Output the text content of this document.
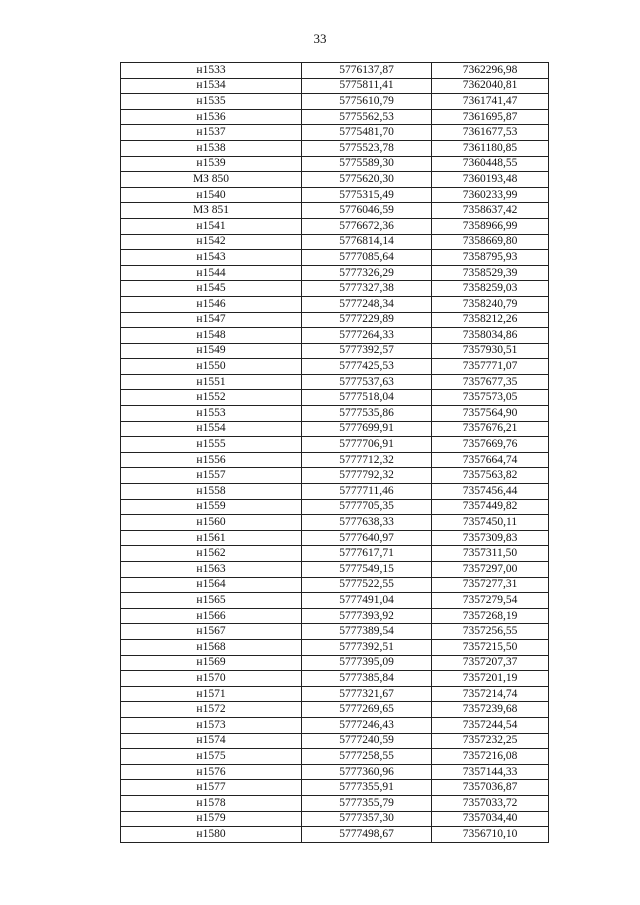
33
н1533	5776137,87	7362296,98
н1534	5775811,41	7362040,81
н1535	5775610,79	7361741,47
н1536	5775562,53	7361695,87
н1537	5775481,70	7361677,53
н1538	5775523,78	7361180,85
н1539	5775589,30	7360448,55
МЗ 850	5775620,30	7360193,48
н1540	5775315,49	7360233,99
МЗ 851	5776046,59	7358637,42
н1541	5776672,36	7358966,99
н1542	5776814,14	7358669,80
н1543	5777085,64	7358795,93
н1544	5777326,29	7358529,39
н1545	5777327,38	7358259,03
н1546	5777248,34	7358240,79
н1547	5777229,89	7358212,26
н1548	5777264,33	7358034,86
н1549	5777392,57	7357930,51
н1550	5777425,53	7357771,07
н1551	5777537,63	7357677,35
н1552	5777518,04	7357573,05
н1553	5777535,86	7357564,90
н1554	5777699,91	7357676,21
н1555	5777706,91	7357669,76
н1556	5777712,32	7357664,74
н1557	5777792,32	7357563,82
н1558	5777711,46	7357456,44
н1559	5777705,35	7357449,82
н1560	5777638,33	7357450,11
н1561	5777640,97	7357309,83
н1562	5777617,71	7357311,50
н1563	5777549,15	7357297,00
н1564	5777522,55	7357277,31
н1565	5777491,04	7357279,54
н1566	5777393,92	7357268,19
н1567	5777389,54	7357256,55
н1568	5777392,51	7357215,50
н1569	5777395,09	7357207,37
н1570	5777385,84	7357201,19
н1571	5777321,67	7357214,74
н1572	5777269,65	7357239,68
н1573	5777246,43	7357244,54
н1574	5777240,59	7357232,25
н1575	5777258,55	7357216,08
н1576	5777360,96	7357144,33
н1577	5777355,91	7357036,87
н1578	5777355,79	7357033,72
н1579	5777357,30	7357034,40
н1580	5777498,67	7356710,10
